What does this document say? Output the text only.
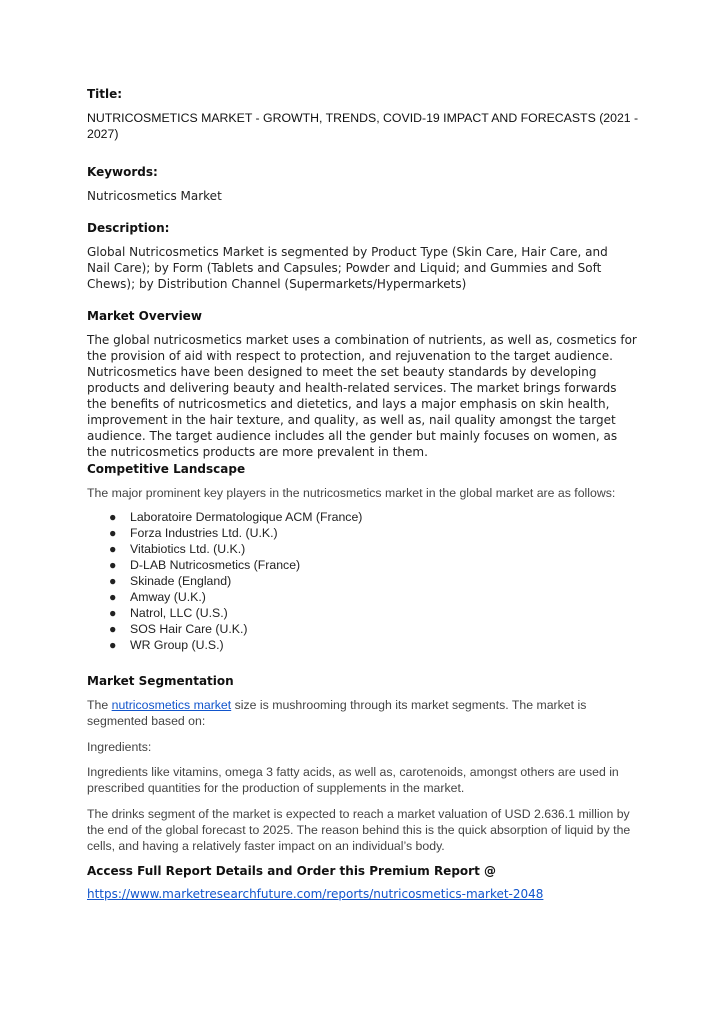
Title:

NUTRICOSMETICS MARKET - GROWTH, TRENDS, COVID-19 IMPACT AND FORECASTS (2021 - 2027)

Keywords:

Nutricosmetics Market

Description:

Global Nutricosmetics Market is segmented by Product Type (Skin Care, Hair Care, and Nail Care); by Form (Tablets and Capsules; Powder and Liquid; and Gummies and Soft Chews); by Distribution Channel (Supermarkets/Hypermarkets)

Market Overview

The global nutricosmetics market uses a combination of nutrients, as well as, cosmetics for the provision of aid with respect to protection, and rejuvenation to the target audience. Nutricosmetics have been designed to meet the set beauty standards by developing products and delivering beauty and health-related services. The market brings forwards the benefits of nutricosmetics and dietetics, and lays a major emphasis on skin health, improvement in the hair texture, and quality, as well as, nail quality amongst the target audience. The target audience includes all the gender but mainly focuses on women, as the nutricosmetics products are more prevalent in them.

Competitive Landscape

The major prominent key players in the nutricosmetics market in the global market are as follows:

● Laboratoire Dermatologique ACM (France)
● Forza Industries Ltd. (U.K.)
● Vitabiotics Ltd. (U.K.)
● D-LAB Nutricosmetics (France)
● Skinade (England)
● Amway (U.K.)
● Natrol, LLC (U.S.)
● SOS Hair Care (U.K.)
● WR Group (U.S.)

Market Segmentation

The nutricosmetics market size is mushrooming through its market segments. The market is segmented based on:

Ingredients:

Ingredients like vitamins, omega 3 fatty acids, as well as, carotenoids, amongst others are used in prescribed quantities for the production of supplements in the market.

The drinks segment of the market is expected to reach a market valuation of USD 2.636.1 million by the end of the global forecast to 2025. The reason behind this is the quick absorption of liquid by the cells, and having a relatively faster impact on an individual’s body.

Access Full Report Details and Order this Premium Report @

https://www.marketresearchfuture.com/reports/nutricosmetics-market-2048
